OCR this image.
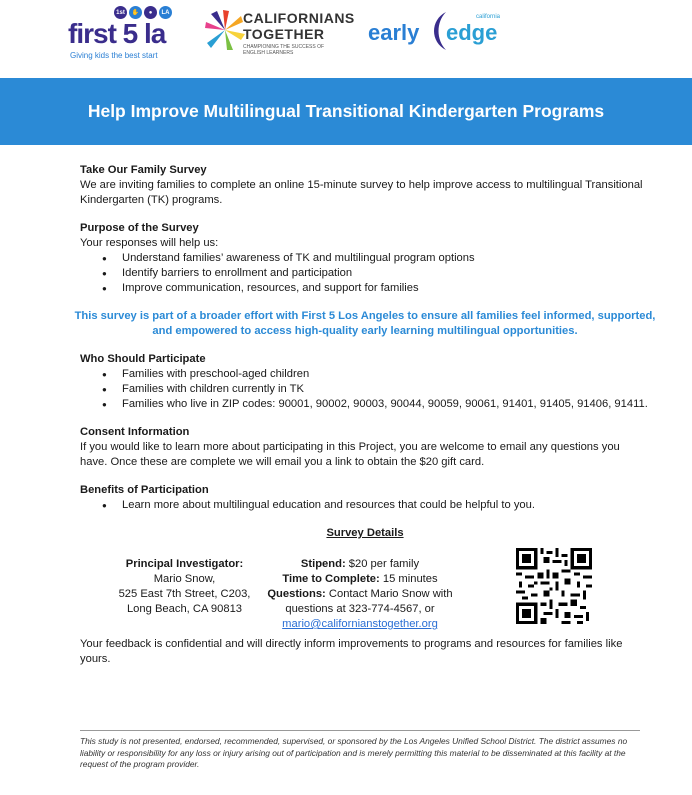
1st	✋	●	LA
first 5 la
Giving kids the best start
CALIFORNIANS
TOGETHER
CHAMPIONING THE SUCCESS OF ENGLISH LEARNERS
early edge
california
Help Improve Multilingual Transitional Kindergarten Programs

Take Our Family Survey

We are inviting families to complete an online 15-minute survey to help improve access to multilingual Transitional Kindergarten (TK) programs.

Purpose of the Survey

Your responses will help us:

● Understand families’ awareness of TK and multilingual program options
● Identify barriers to enrollment and participation
● Improve communication, resources, and support for families

This survey is part of a broader effort with First 5 Los Angeles to ensure all families feel informed, supported, and empowered to access high-quality early learning multilingual opportunities.

Who Should Participate

● Families with preschool-aged children
● Families with children currently in TK
● Families who live in ZIP codes: 90001, 90002, 90003, 90044, 90059, 90061, 91401, 91405, 91406, 91411.

Consent Information

If you would like to learn more about participating in this Project, you are welcome to email any questions you have. Once these are complete we will email you a link to obtain the $20 gift card.

Benefits of Participation

● Learn more about multilingual education and resources that could be helpful to you.

Survey Details

Principal Investigator:
Mario Snow,
525 East 7th Street, C203,
Long Beach, CA 90813
Stipend: $20 per family
Time to Complete: 15 minutes
Questions: Contact Mario Snow with
questions at 323-774-4567, or
mario@californianstogether.org

Your feedback is confidential and will directly inform improvements to programs and resources for families like yours.

This study is not presented, endorsed, recommended, supervised, or sponsored by the Los Angeles Unified School District. The district assumes no liability or responsibility for any loss or injury arising out of participation and is merely permitting this material to be disseminated at this facility at the request of the program provider.
